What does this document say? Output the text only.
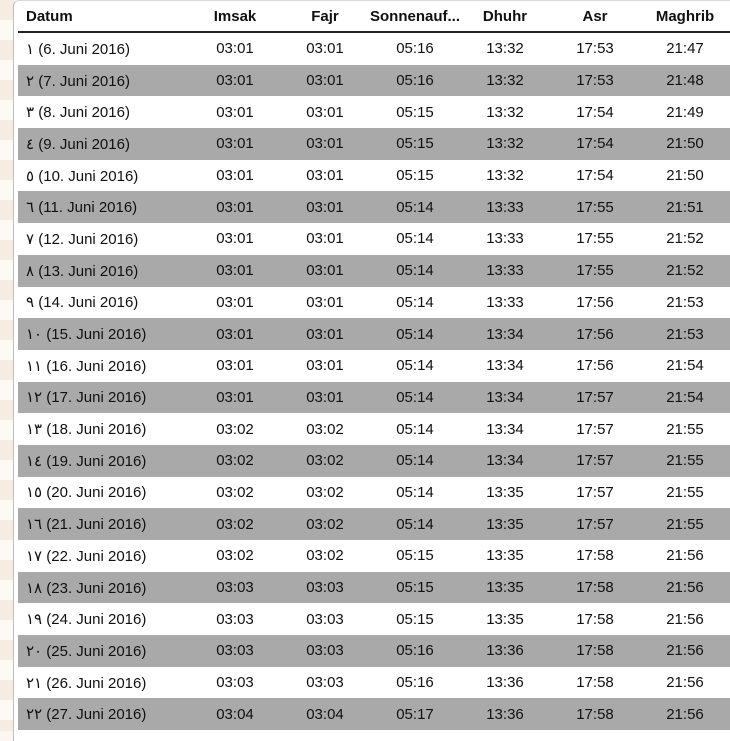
Datum	Imsak	Fajr	Sonnenauf...	Dhuhr	Asr	Maghrib
١ (6. Juni 2016)	03:01	03:01	05:16	13:32	17:53	21:47
٢ (7. Juni 2016)	03:01	03:01	05:16	13:32	17:53	21:48
٣ (8. Juni 2016)	03:01	03:01	05:15	13:32	17:54	21:49
٤ (9. Juni 2016)	03:01	03:01	05:15	13:32	17:54	21:50
٥ (10. Juni 2016)	03:01	03:01	05:15	13:32	17:54	21:50
٦ (11. Juni 2016)	03:01	03:01	05:14	13:33	17:55	21:51
٧ (12. Juni 2016)	03:01	03:01	05:14	13:33	17:55	21:52
٨ (13. Juni 2016)	03:01	03:01	05:14	13:33	17:55	21:52
٩ (14. Juni 2016)	03:01	03:01	05:14	13:33	17:56	21:53
١٠ (15. Juni 2016)	03:01	03:01	05:14	13:34	17:56	21:53
١١ (16. Juni 2016)	03:01	03:01	05:14	13:34	17:56	21:54
١٢ (17. Juni 2016)	03:01	03:01	05:14	13:34	17:57	21:54
١٣ (18. Juni 2016)	03:02	03:02	05:14	13:34	17:57	21:55
١٤ (19. Juni 2016)	03:02	03:02	05:14	13:34	17:57	21:55
١٥ (20. Juni 2016)	03:02	03:02	05:14	13:35	17:57	21:55
١٦ (21. Juni 2016)	03:02	03:02	05:14	13:35	17:57	21:55
١٧ (22. Juni 2016)	03:02	03:02	05:15	13:35	17:58	21:56
١٨ (23. Juni 2016)	03:03	03:03	05:15	13:35	17:58	21:56
١٩ (24. Juni 2016)	03:03	03:03	05:15	13:35	17:58	21:56
٢٠ (25. Juni 2016)	03:03	03:03	05:16	13:36	17:58	21:56
٢١ (26. Juni 2016)	03:03	03:03	05:16	13:36	17:58	21:56
٢٢ (27. Juni 2016)	03:04	03:04	05:17	13:36	17:58	21:56
